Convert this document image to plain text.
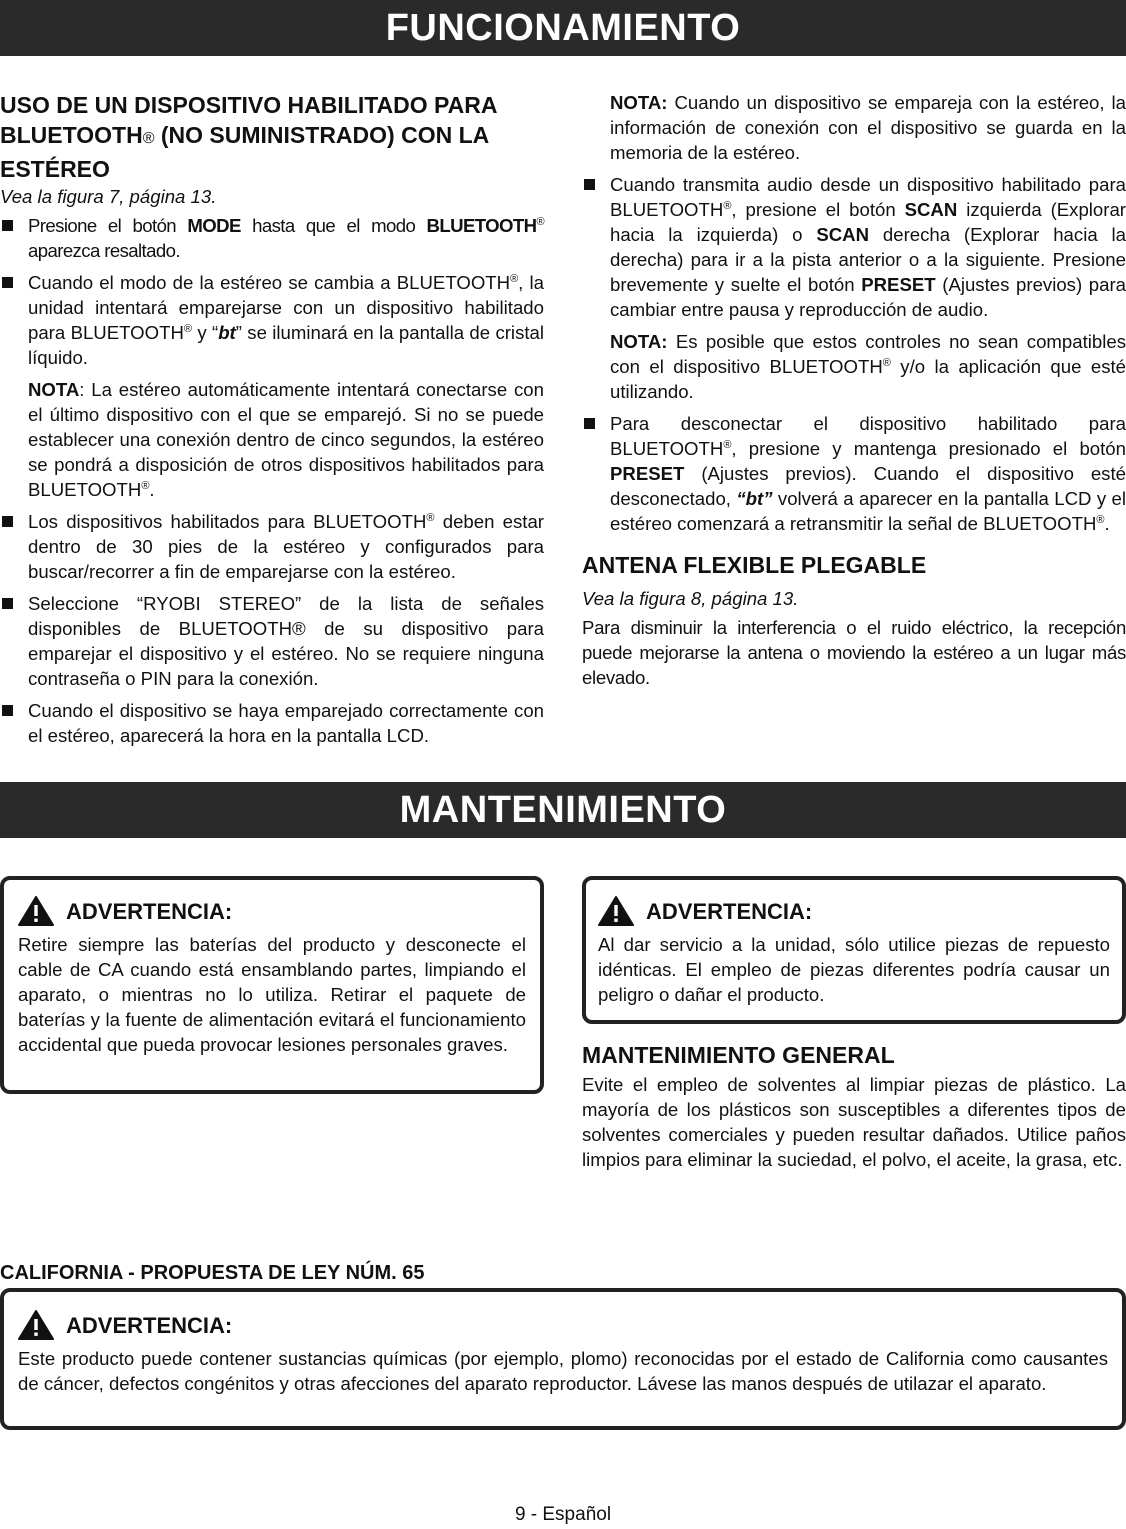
FUNCIONAMIENTO

USO DE UN DISPOSITIVO HABILITADO PARA
BLUETOOTH® (NO SUMINISTRADO) CON LA
ESTÉREO

Vea la figura 7, página 13.

Presione el botón MODE hasta que el modo BLUETOOTH® aparezca resaltado.

Cuando el modo de la estéreo se cambia a BLUETOOTH®, la unidad intentará emparejarse con un dispositivo habilitado para BLUETOOTH® y “bt” se iluminará en la pantalla de cristal líquido.

NOTA: La estéreo automáticamente intentará conectarse con el último dispositivo con el que se emparejó. Si no se puede establecer una conexión dentro de cinco segundos, la estéreo se pondrá a disposición de otros dispositivos habilitados para BLUETOOTH®.

Los dispositivos habilitados para BLUETOOTH® deben estar dentro de 30 pies de la estéreo y configurados para buscar/recorrer a fin de emparejarse con la estéreo.

Seleccione “RYOBI STEREO” de la lista de señales disponibles de BLUETOOTH® de su dispositivo para emparejar el dispositivo y el estéreo. No se requiere ninguna contraseña o PIN para la conexión.

Cuando el dispositivo se haya emparejado correctamente con el estéreo, aparecerá la hora en la pantalla LCD.

NOTA: Cuando un dispositivo se empareja con la estéreo, la información de conexión con el dispositivo se guarda en la memoria de la estéreo.

Cuando transmita audio desde un dispositivo habilitado para BLUETOOTH®, presione el botón SCAN izquierda (Explorar hacia la izquierda) o SCAN derecha (Explorar hacia la derecha) para ir a la pista anterior o a la siguiente. Presione brevemente y suelte el botón PRESET (Ajustes previos) para cambiar entre pausa y reproducción de audio.

NOTA: Es posible que estos controles no sean compatibles con el dispositivo BLUETOOTH® y/o la aplicación que esté utilizando.

Para desconectar el dispositivo habilitado para BLUETOOTH®, presione y mantenga presionado el botón PRESET (Ajustes previos). Cuando el dispositivo esté desconectado, “bt” volverá a aparecer en la pantalla LCD y el estéreo comenzará a retransmitir la señal de BLUETOOTH®.

ANTENA FLEXIBLE PLEGABLE

Vea la figura 8, página 13.

Para disminuir la interferencia o el ruido eléctrico, la recepción puede mejorarse la antena o moviendo la estéreo a un lugar más elevado.

MANTENIMIENTO
ADVERTENCIA:
Retire siempre las baterías del producto y desconecte el cable de CA cuando está ensamblando partes, limpiando el aparato, o mientras no lo utiliza. Retirar el paquete de baterías y la fuente de alimentación evitará el funcionamiento accidental que pueda provocar lesiones personales graves.
ADVERTENCIA:
Al dar servicio a la unidad, sólo utilice piezas de repuesto idénticas. El empleo de piezas diferentes podría causar un peligro o dañar el producto.

MANTENIMIENTO GENERAL

Evite el empleo de solventes al limpiar piezas de plástico. La mayoría de los plásticos son susceptibles a diferentes tipos de solventes comerciales y pueden resultar dañados. Utilice paños limpios para eliminar la suciedad, el polvo, el aceite, la grasa, etc.

CALIFORNIA - PROPUESTA DE LEY NÚM. 65

ADVERTENCIA:
Este producto puede contener sustancias químicas (por ejemplo, plomo) reconocidas por el estado de California como causantes de cáncer, defectos congénitos y otras afecciones del aparato reproductor. Lávese las manos después de utilazar el aparato.
9 - Español
